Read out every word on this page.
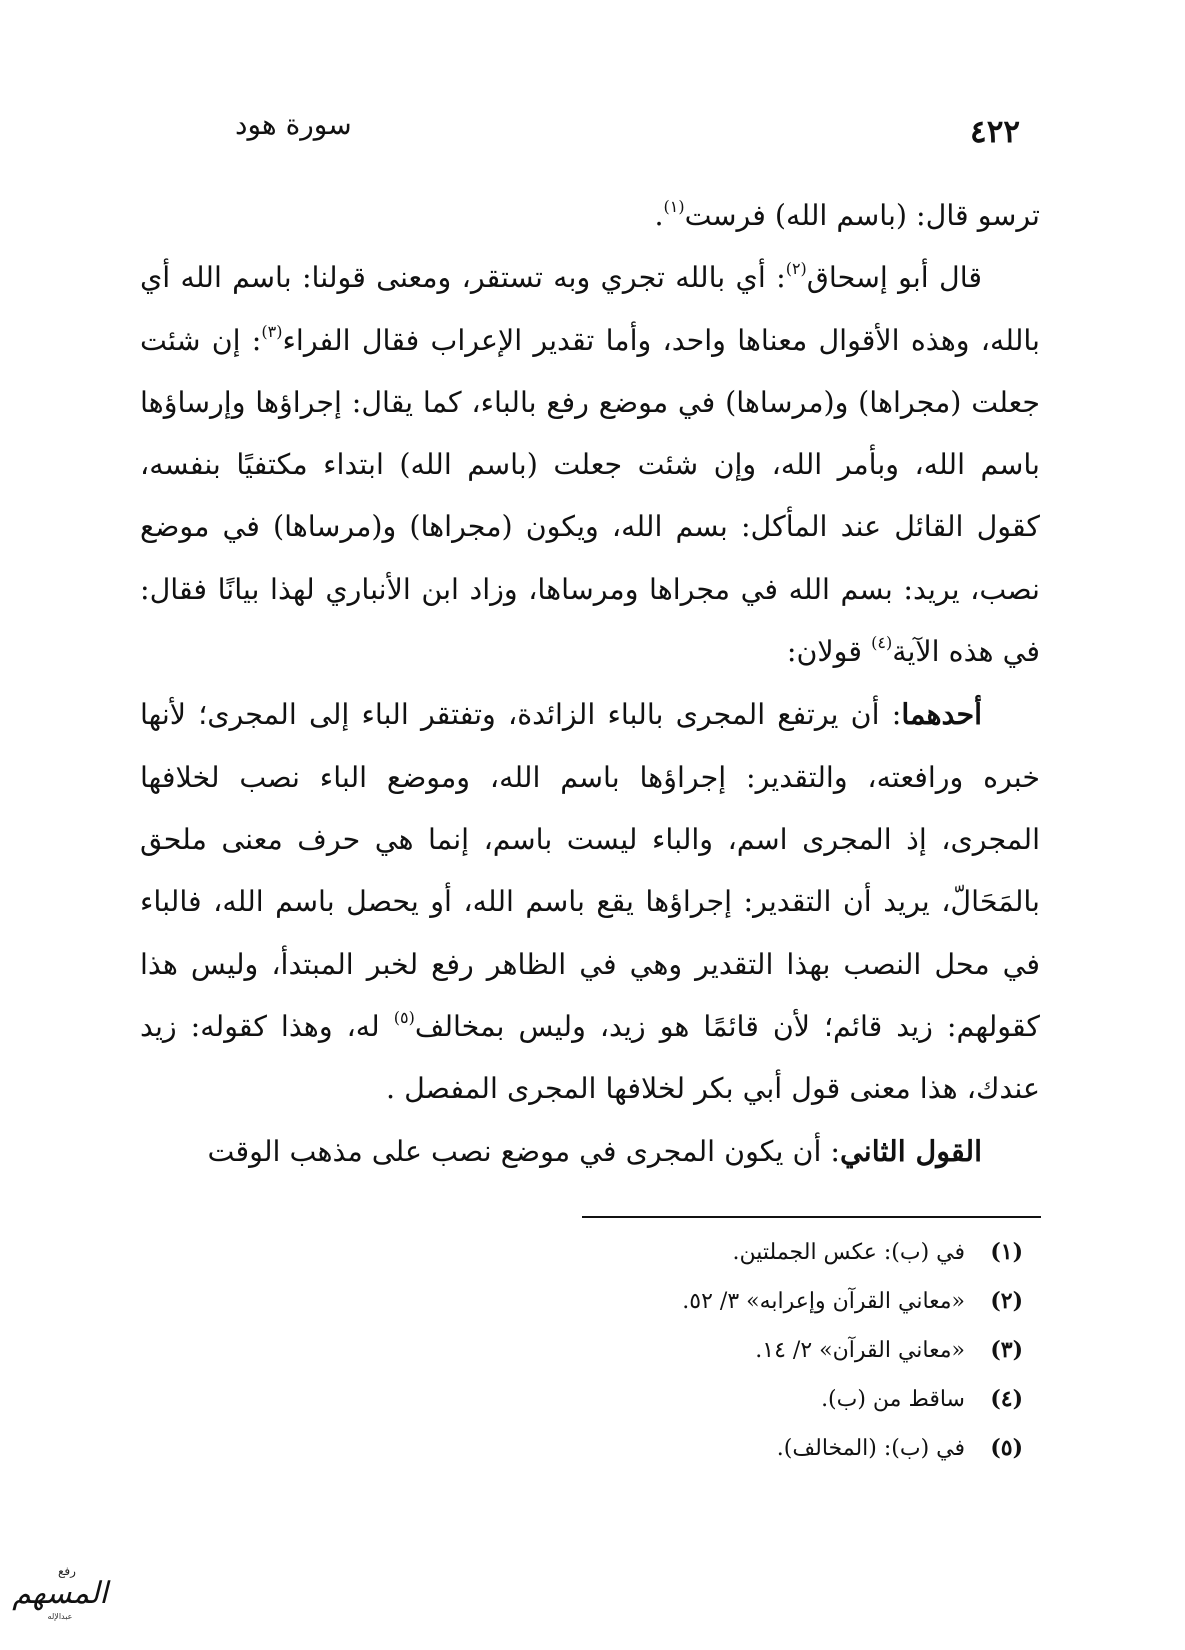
٤٢٢
سورة هود

ترسو قال: (باسم الله) فرست$^{(١)}$.

قال أبو إسحاق$^{(٢)}$: أي بالله تجري وبه تستقر، ومعنى قولنا: باسم الله أي بالله، وهذه الأقوال معناها واحد، وأما تقدير الإعراب فقال الفراء$^{(٣)}$: إن شئت جعلت (مجراها) و(مرساها) في موضع رفع بالباء، كما يقال: إجراؤها وإرساؤها باسم الله، وبأمر الله، وإن شئت جعلت (باسم الله) ابتداء مكتفيًا بنفسه، كقول القائل عند المأكل: بسم الله، ويكون (مجراها) و(مرساها) في موضع نصب، يريد: بسم الله في مجراها ومرساها، وزاد ابن الأنباري لهذا بيانًا فقال: في هذه الآية$^{(٤)}$ قولان:

أحدهما: أن يرتفع المجرى بالباء الزائدة، وتفتقر الباء إلى المجرى؛ لأنها خبره ورافعته، والتقدير: إجراؤها باسم الله، وموضع الباء نصب لخلافها المجرى، إذ المجرى اسم، والباء ليست باسم، إنما هي حرف معنى ملحق بالمَحَالّ، يريد أن التقدير: إجراؤها يقع باسم الله، أو يحصل باسم الله، فالباء في محل النصب بهذا التقدير وهي في الظاهر رفع لخبر المبتدأ، وليس هذا كقولهم: زيد قائم؛ لأن قائمًا هو زيد، وليس بمخالف$^{(٥)}$ له، وهذا كقوله: زيد عندك، هذا معنى قول أبي بكر لخلافها المجرى المفصل .

القول الثاني: أن يكون المجرى في موضع نصب على مذهب الوقت

(١)في (ب): عكس الجملتين.
(٢)«معاني القرآن وإعرابه» ٣/ ٥٢.
(٣)«معاني القرآن» ٢/ ١٤.
(٤)ساقط من (ب).
(٥)في (ب): (المخالف).
رفع
المسهم
عبدالإله
